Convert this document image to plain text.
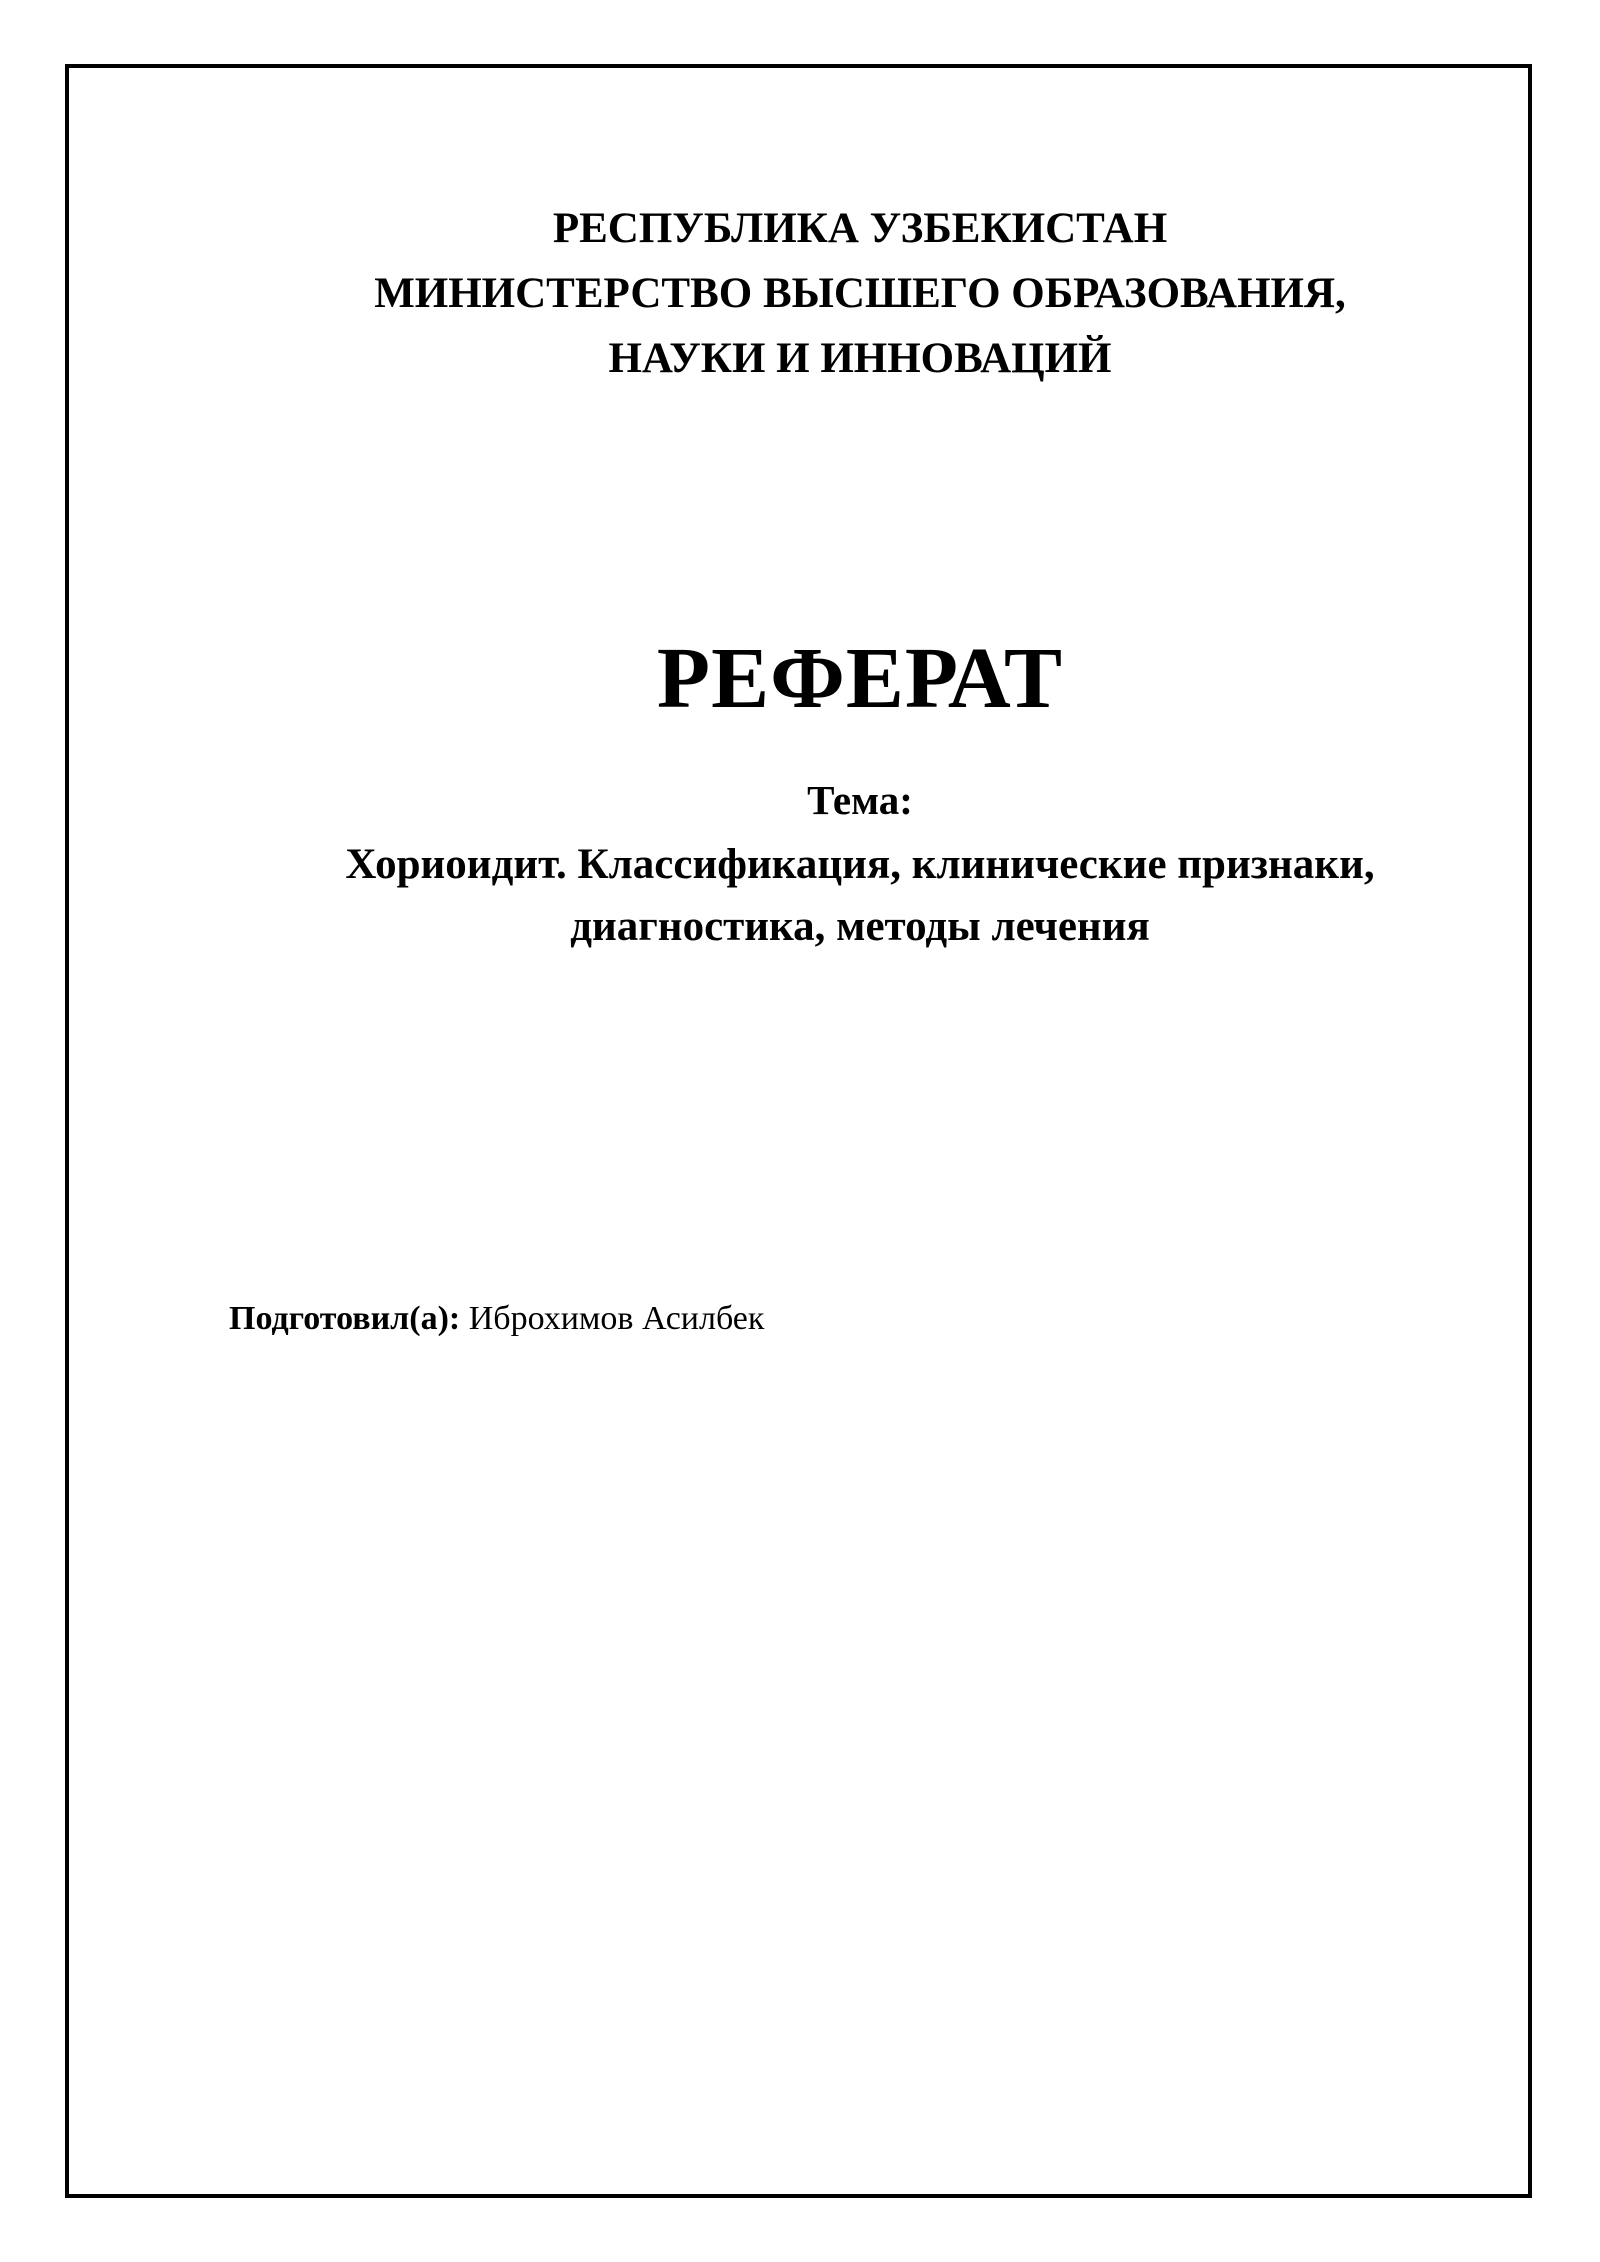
РЕСПУБЛИКА УЗБЕКИСТАН
МИНИСТЕРСТВО ВЫСШЕГО ОБРАЗОВАНИЯ,
НАУКИ И ИННОВАЦИЙ
РЕФЕРАТ
Тема:
Хориоидит. Классификация, клинические признаки,
диагностика, методы лечения
Подготовил(а): Иброхимов Асилбек
